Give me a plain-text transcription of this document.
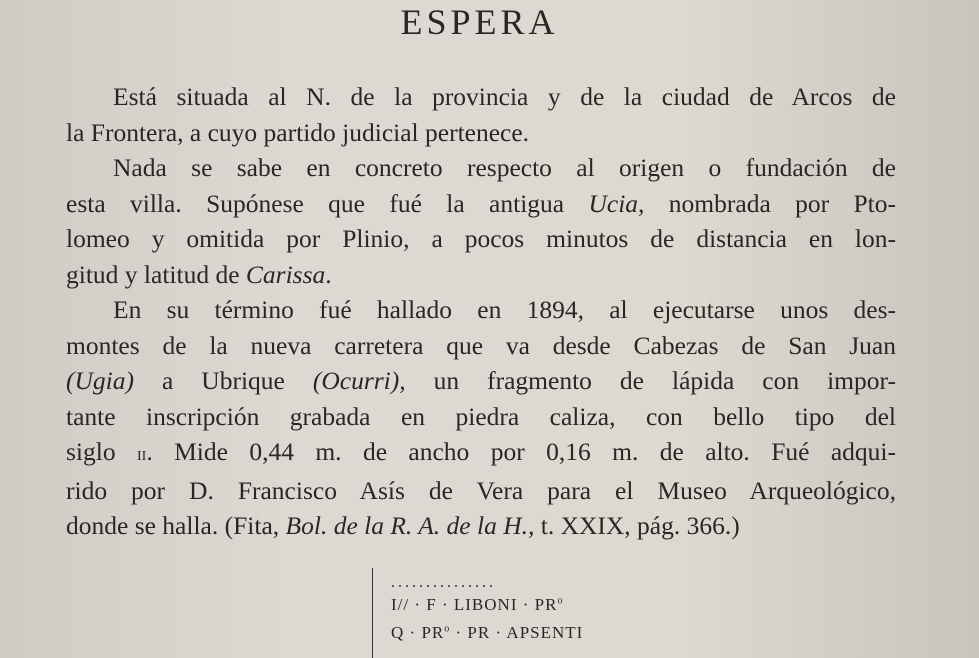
ESPERA
Está situada al N. de la provincia y de la ciudad de Arcos de
la Frontera, a cuyo partido judicial pertenece.
Nada se sabe en concreto respecto al origen o fundación de
esta villa. Supónese que fué la antigua Ucia, nombrada por Pto-
lomeo y omitida por Plinio, a pocos minutos de distancia en lon-
gitud y latitud de Carissa.
En su término fué hallado en 1894, al ejecutarse unos des-
montes de la nueva carretera que va desde Cabezas de San Juan
(Ugia) a Ubrique (Ocurri), un fragmento de lápida con impor-
tante inscripción grabada en piedra caliza, con bello tipo del
siglo ii. Mide 0,44 m. de ancho por 0,16 m. de alto. Fué adqui-
rido por D. Francisco Asís de Vera para el Museo Arqueológico,
donde se halla. (Fita, Bol. de la R. A. de la H., t. XXIX, pág. 366.)
...............
I// · F · LIBONI · $PR^o$
$Q \cdot PR^o$ · PR · APSENTI
